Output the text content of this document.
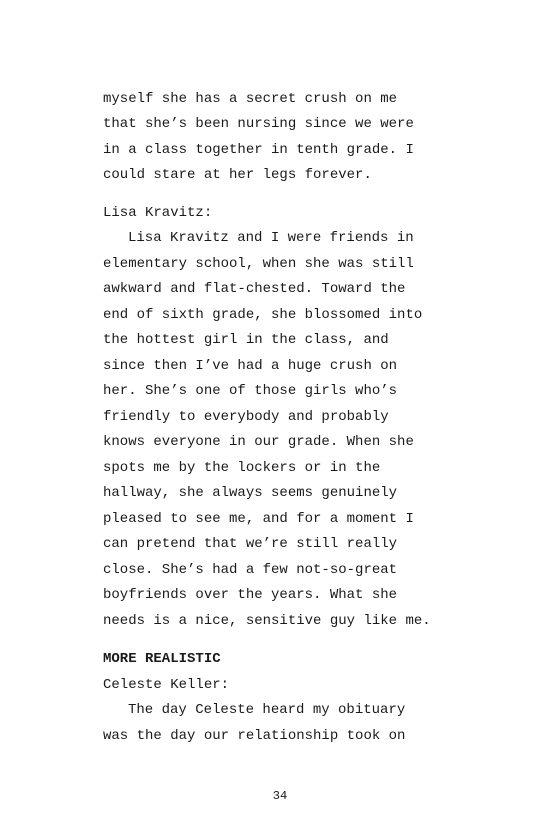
myself she has a secret crush on me
that she’s been nursing since we were
in a class together in tenth grade. I
could stare at her legs forever.
Lisa Kravitz:
Lisa Kravitz and I were friends in
elementary school, when she was still
awkward and flat-chested. Toward the
end of sixth grade, she blossomed into
the hottest girl in the class, and
since then I’ve had a huge crush on
her. She’s one of those girls who’s
friendly to everybody and probably
knows everyone in our grade. When she
spots me by the lockers or in the
hallway, she always seems genuinely
pleased to see me, and for a moment I
can pretend that we’re still really
close. She’s had a few not-so-great
boyfriends over the years. What she
needs is a nice, sensitive guy like me.
MORE REALISTIC
Celeste Keller:
The day Celeste heard my obituary
was the day our relationship took on
34
